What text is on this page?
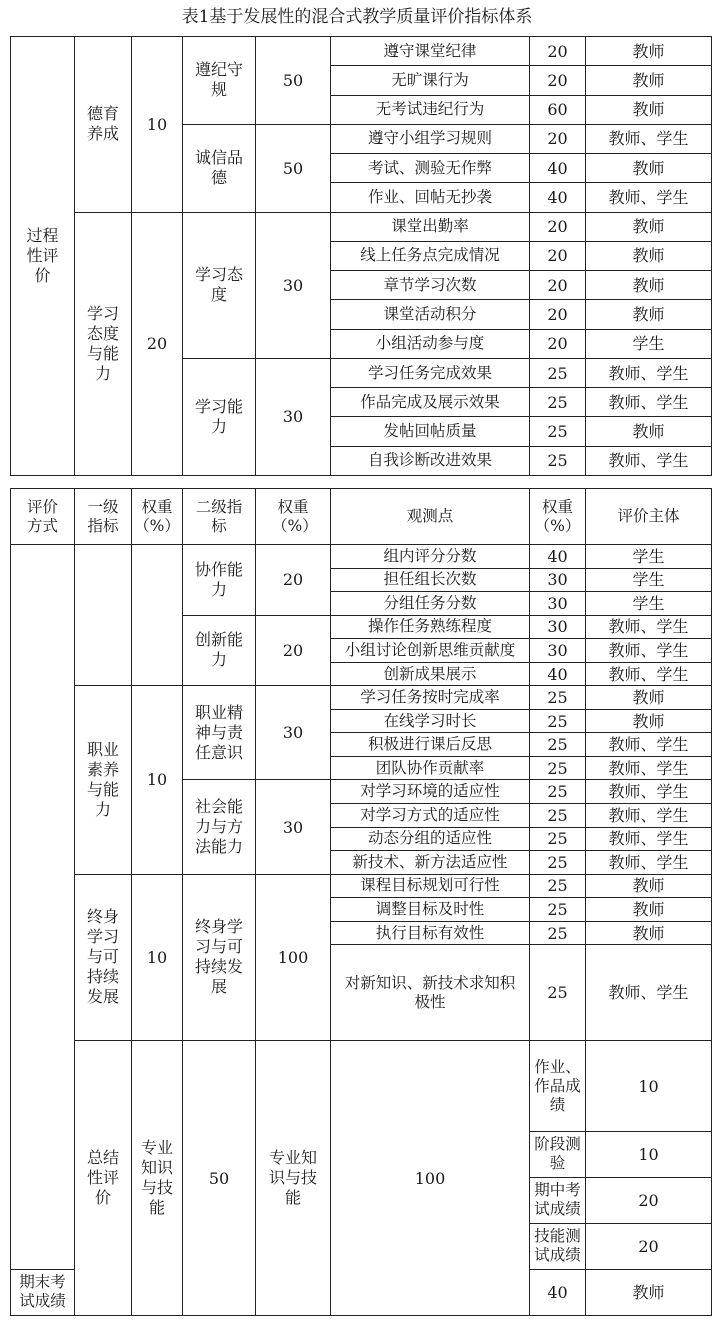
表1基于发展性的混合式教学质量评价指标体系
过程性评价	德育养成	10	遵纪守规	50	遵守课堂纪律	20	教师
					无旷课行为	20	教师
					无考试违纪行为	60	教师
			诚信品德	50	遵守小组学习规则	20	教师、学生
					考试、测验无作弊	40	教师
					作业、回帖无抄袭	40	教师、学生
	学习态度与能力	20	学习态度	30	课堂出勤率	20	教师
					线上任务点完成情况	20	教师
					章节学习次数	20	教师
					课堂活动积分	20	教师
					小组活动参与度	20	学生
			学习能力	30	学习任务完成效果	25	教师、学生
					作品完成及展示效果	25	教师、学生
					发帖回帖质量	25	教师
					自我诊断改进效果	25	教师、学生
评价方式	一级指标	权重（%）	二级指标	权重（%）	观测点	权重（%）	评价主体	
			协作能力	20	组内评分分数	40	学生	
					担任组长次数	30	学生	
					分组任务分数	30	学生	
			创新能力	20	操作任务熟练程度	30	教师、学生	
					小组讨论创新思维贡献度	30	教师、学生	
					创新成果展示	40	教师、学生	
	职业素养与能力	10	职业精神与责任意识	30	学习任务按时完成率	25	教师	
					在线学习时长	25	教师	
					积极进行课后反思	25	教师、学生	
					团队协作贡献率	25	教师、学生	
			社会能力与方法能力	30	对学习环境的适应性	25	教师、学生	
					对学习方式的适应性	25	教师、学生	
					动态分组的适应性	25	教师、学生	
					新技术、新方法适应性	25	教师、学生	
	终身学习与可持续发展	10	终身学习与可持续发展	100	课程目标规划可行性	25	教师	
					调整目标及时性	25	教师	
					执行目标有效性	25	教师	
					对新知识、新技术求知积极性	25	教师、学生	
	总结性评价	专业知识与技能	50	专业知识与技能	100	作业、作品成绩	10	
						阶段测验	10	
						期中考试成绩	20	
						技能测试成绩	20	
期末考试成绩						40	教师	
